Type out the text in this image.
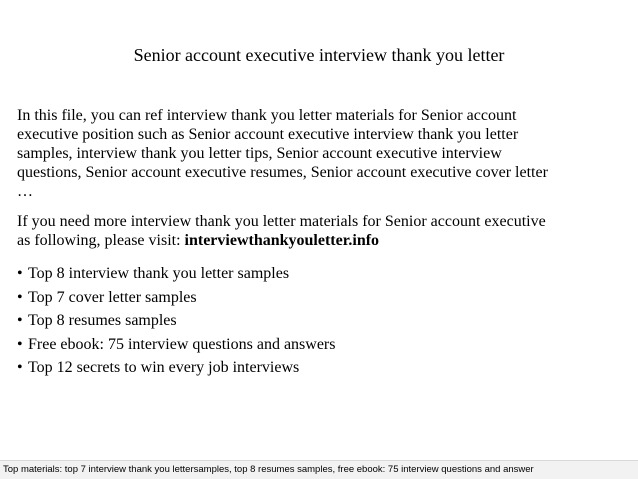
Senior account executive interview thank you letter

In this file, you can ref interview thank you letter materials for Senior account
executive position such as Senior account executive interview thank you letter
samples, interview thank you letter tips, Senior account executive interview
questions, Senior account executive resumes, Senior account executive cover letter
…

If you need more interview thank you letter materials for Senior account executive
as following, please visit: interviewthankyouletter.info

• Top 8 interview thank you letter samples
• Top 7 cover letter samples
• Top 8 resumes samples
• Free ebook: 75 interview questions and answers
• Top 12 secrets to win every job interviews
Top materials: top 7 interview thank you lettersamples, top 8 resumes samples, free ebook: 75 interview questions and answer
